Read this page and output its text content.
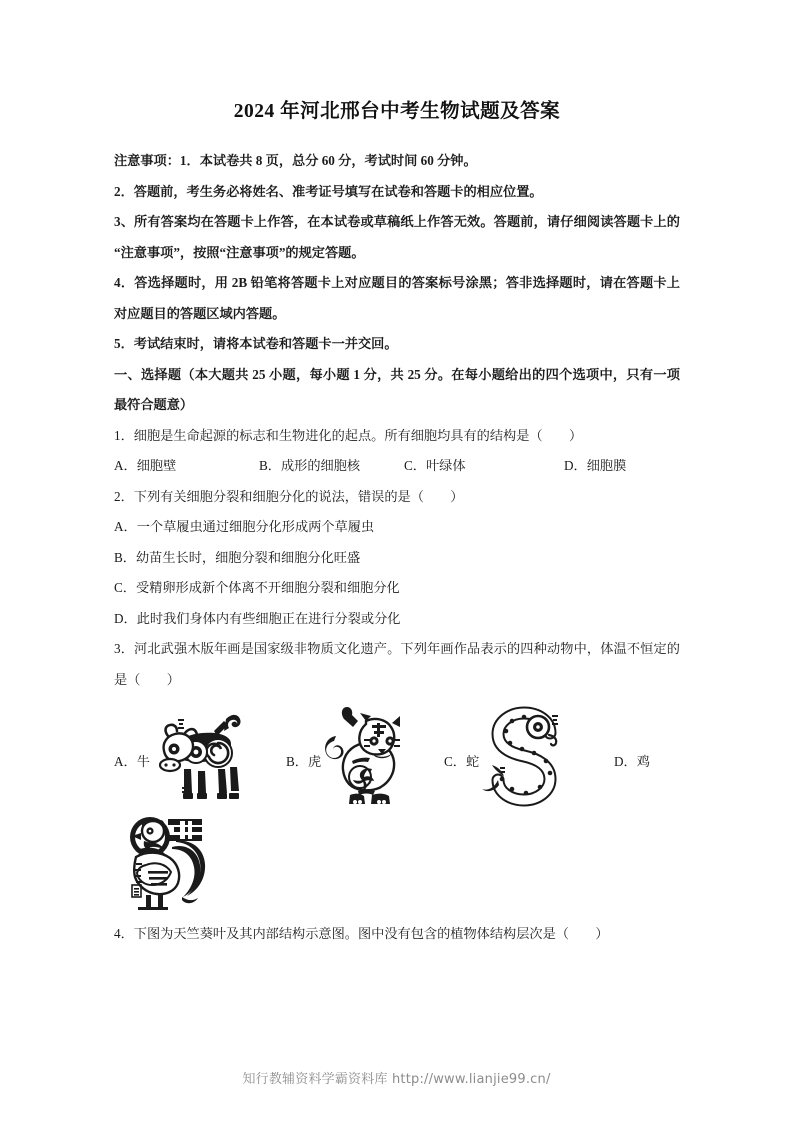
2024 年河北邢台中考生物试题及答案

注意事项：1．本试卷共 8 页，总分 60 分，考试时间 60 分钟。

2．答题前，考生务必将姓名、准考证号填写在试卷和答题卡的相应位置。

3、所有答案均在答题卡上作答，在本试卷或草稿纸上作答无效。答题前，请仔细阅读答题卡上的“注意事项”，按照“注意事项”的规定答题。

4．答选择题时，用 2B 铅笔将答题卡上对应题目的答案标号涂黑；答非选择题时，请在答题卡上对应题目的答题区域内答题。

5．考试结束时，请将本试卷和答题卡一并交回。

一、选择题（本大题共 25 小题，每小题 1 分，共 25 分。在每小题给出的四个选项中，只有一项最符合题意）

1．细胞是生命起源的标志和生物进化的起点。所有细胞均具有的结构是（　　）

A．细胞壁	B．成形的细胞核	C．叶绿体	D．细胞膜

2．下列有关细胞分裂和细胞分化的说法，错误的是（　　）

A．一个草履虫通过细胞分化形成两个草履虫

B．幼苗生长时，细胞分裂和细胞分化旺盛

C．受精卵形成新个体离不开细胞分裂和细胞分化

D．此时我们身体内有些细胞正在进行分裂或分化

3．河北武强木版年画是国家级非物质文化遗产。下列年画作品表示的四种动物中，体温不恒定的是（　　）

A．牛	B．虎	C．蛇	D．鸡

4．下图为天竺葵叶及其内部结构示意图。图中没有包含的植物体结构层次是（　　）

知行教辅资料学霸资料库 http://www.lianjie99.cn/
